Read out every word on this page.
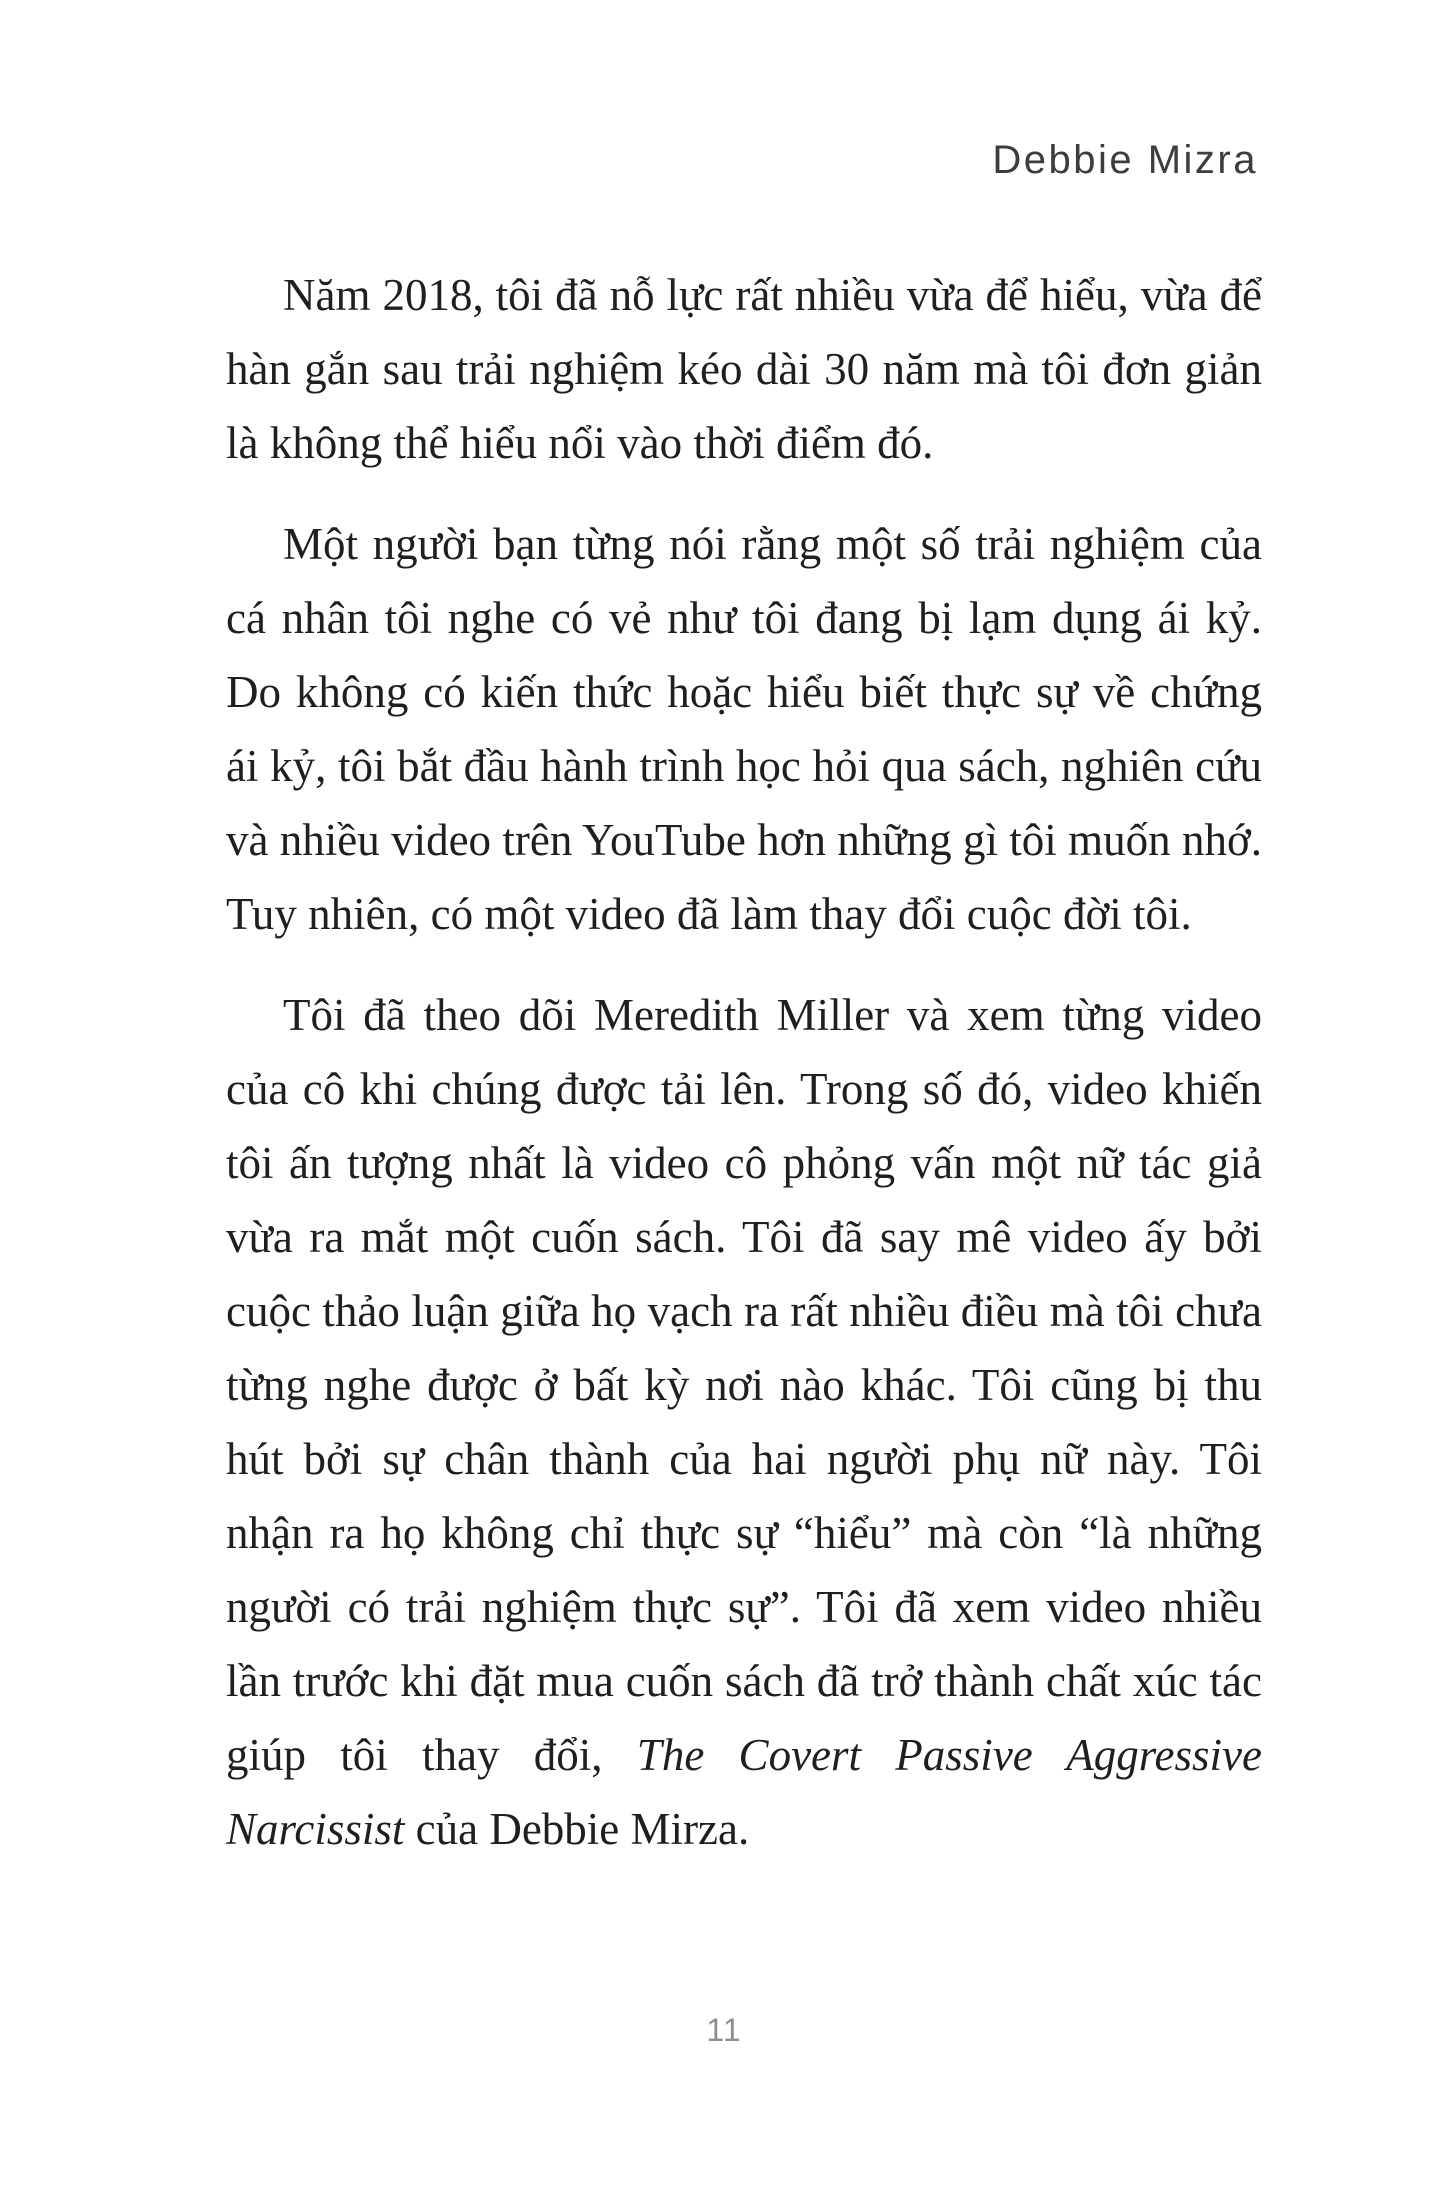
Debbie Mizra

Năm 2018, tôi đã nỗ lực rất nhiều vừa để hiểu, vừa để hàn gắn sau trải nghiệm kéo dài 30 năm mà tôi đơn giản là không thể hiểu nổi vào thời điểm đó.

Một người bạn từng nói rằng một số trải nghiệm của cá nhân tôi nghe có vẻ như tôi đang bị lạm dụng ái kỷ. Do không có kiến thức hoặc hiểu biết thực sự về chứng ái kỷ, tôi bắt đầu hành trình học hỏi qua sách, nghiên cứu và nhiều video trên YouTube hơn những gì tôi muốn nhớ. Tuy nhiên, có một video đã làm thay đổi cuộc đời tôi.

Tôi đã theo dõi Meredith Miller và xem từng video của cô khi chúng được tải lên. Trong số đó, video khiến tôi ấn tượng nhất là video cô phỏng vấn một nữ tác giả vừa ra mắt một cuốn sách. Tôi đã say mê video ấy bởi cuộc thảo luận giữa họ vạch ra rất nhiều điều mà tôi chưa từng nghe được ở bất kỳ nơi nào khác. Tôi cũng bị thu hút bởi sự chân thành của hai người phụ nữ này. Tôi nhận ra họ không chỉ thực sự “hiểu” mà còn “là những người có trải nghiệm thực sự”. Tôi đã xem video nhiều lần trước khi đặt mua cuốn sách đã trở thành chất xúc tác giúp tôi thay đổi, The Covert Passive Aggressive Narcissist của Debbie Mirza.

11
